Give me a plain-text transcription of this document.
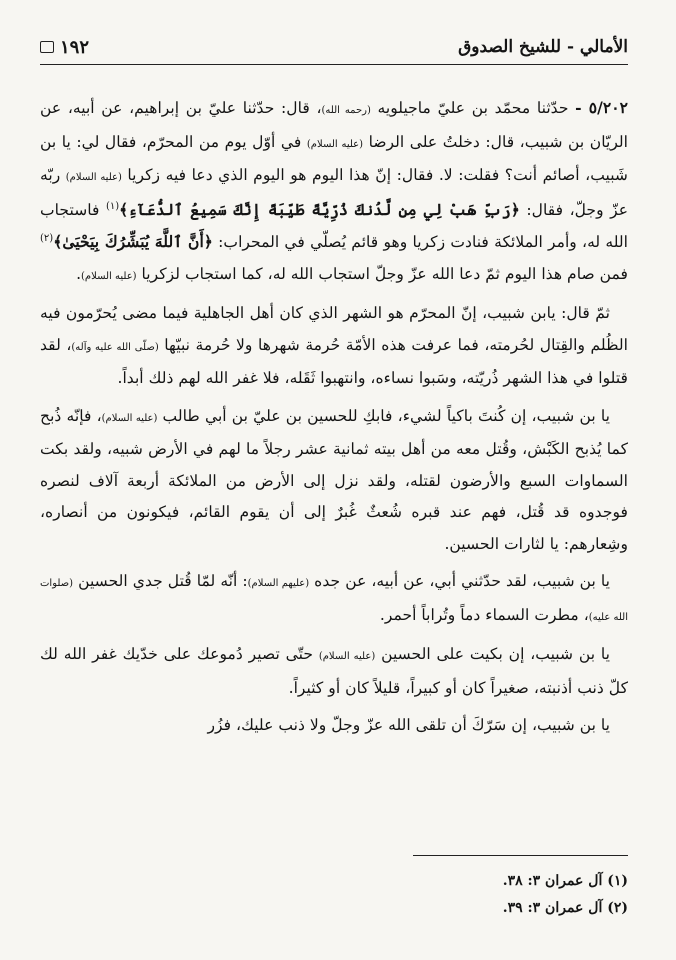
الأمالي - للشيخ الصدوق
١٩٢

٥/٢٠٢ - حدّثنا محمّد بن عليّ ماجيلويه (رحمه الله)، قال: حدّثنا عليّ بن إبراهيم، عن أبيه، عن الريّان بن شبيب، قال: دخلتُ على الرضا (عليه السلام) في أوّل يوم من المحرّم، فقال لي: يا بن شَبيب، أصائم أنت؟ فقلت: لا. فقال: إنّ هذا اليوم هو اليوم الذي دعا فيه زكريا (عليه السلام) ربّه عزّ وجلّ، فقال: ﴿رَبِّ هَبْ لِي مِن لَّدُنكَ ذُرِّيَّةً طَيِّبَةً إِنَّكَ سَمِيعُ ٱلدُّعَآءِ﴾$^{(١)}$ فاستجاب الله له، وأمر الملائكة فنادت زكريا وهو قائم يُصلّي في المحراب: ﴿أَنَّ ٱللَّهَ يُبَشِّرُكَ بِيَحْيَىٰ﴾$^{(٢)}$ فمن صام هذا اليوم ثمّ دعا الله عزّ وجلّ استجاب الله له، كما استجاب لزكريا (عليه السلام).

ثمّ قال: يابن شبيب، إنّ المحرّم هو الشهر الذي كان أهل الجاهلية فيما مضى يُحرّمون فيه الظُلم والقِتال لحُرمته، فما عرفت هذه الأمّة حُرمة شهرها ولا حُرمة نبيّها (صلّى الله عليه وآله)، لقد قتلوا في هذا الشهر ذُريّته، وسَبوا نساءه، وانتهبوا ثَقَله، فلا غفر الله لهم ذلك أبداً.

يا بن شبيب، إن كُنتَ باكياً لشيء، فابكِ للحسين بن عليّ بن أبي طالب (عليه السلام)، فإنّه ذُبح كما يُذبح الكَبْش، وقُتل معه من أهل بيته ثمانية عشر رجلاً ما لهم في الأرض شبيه، ولقد بكت السماوات السبع والأرضون لقتله، ولقد نزل إلى الأرض من الملائكة أربعة آلاف لنصره فوجدوه قد قُتل، فهم عند قبره شُعثٌ غُبرٌ إلى أن يقوم القائم، فيكونون من أنصاره، وشِعارهم: يا لثارات الحسين.

يا بن شبيب، لقد حدّثني أبي، عن أبيه، عن جده (عليهم السلام): أنّه لمّا قُتل جدي الحسين (صلوات الله عليه)، مطرت السماء دماً وتُراباً أحمر.

يا بن شبيب، إن بكيت على الحسين (عليه السلام) حتّى تصير دُموعك على خدّيك غفر الله لك كلّ ذنب أذنبته، صغيراً كان أو كبيراً، قليلاً كان أو كثيراً.

يا بن شبيب، إن سَرّكَ أن تلقى الله عزّ وجلّ ولا ذنب عليك، فزُر

(١) آل عمران ٣: ٣٨.

(٢) آل عمران ٣: ٣٩.
